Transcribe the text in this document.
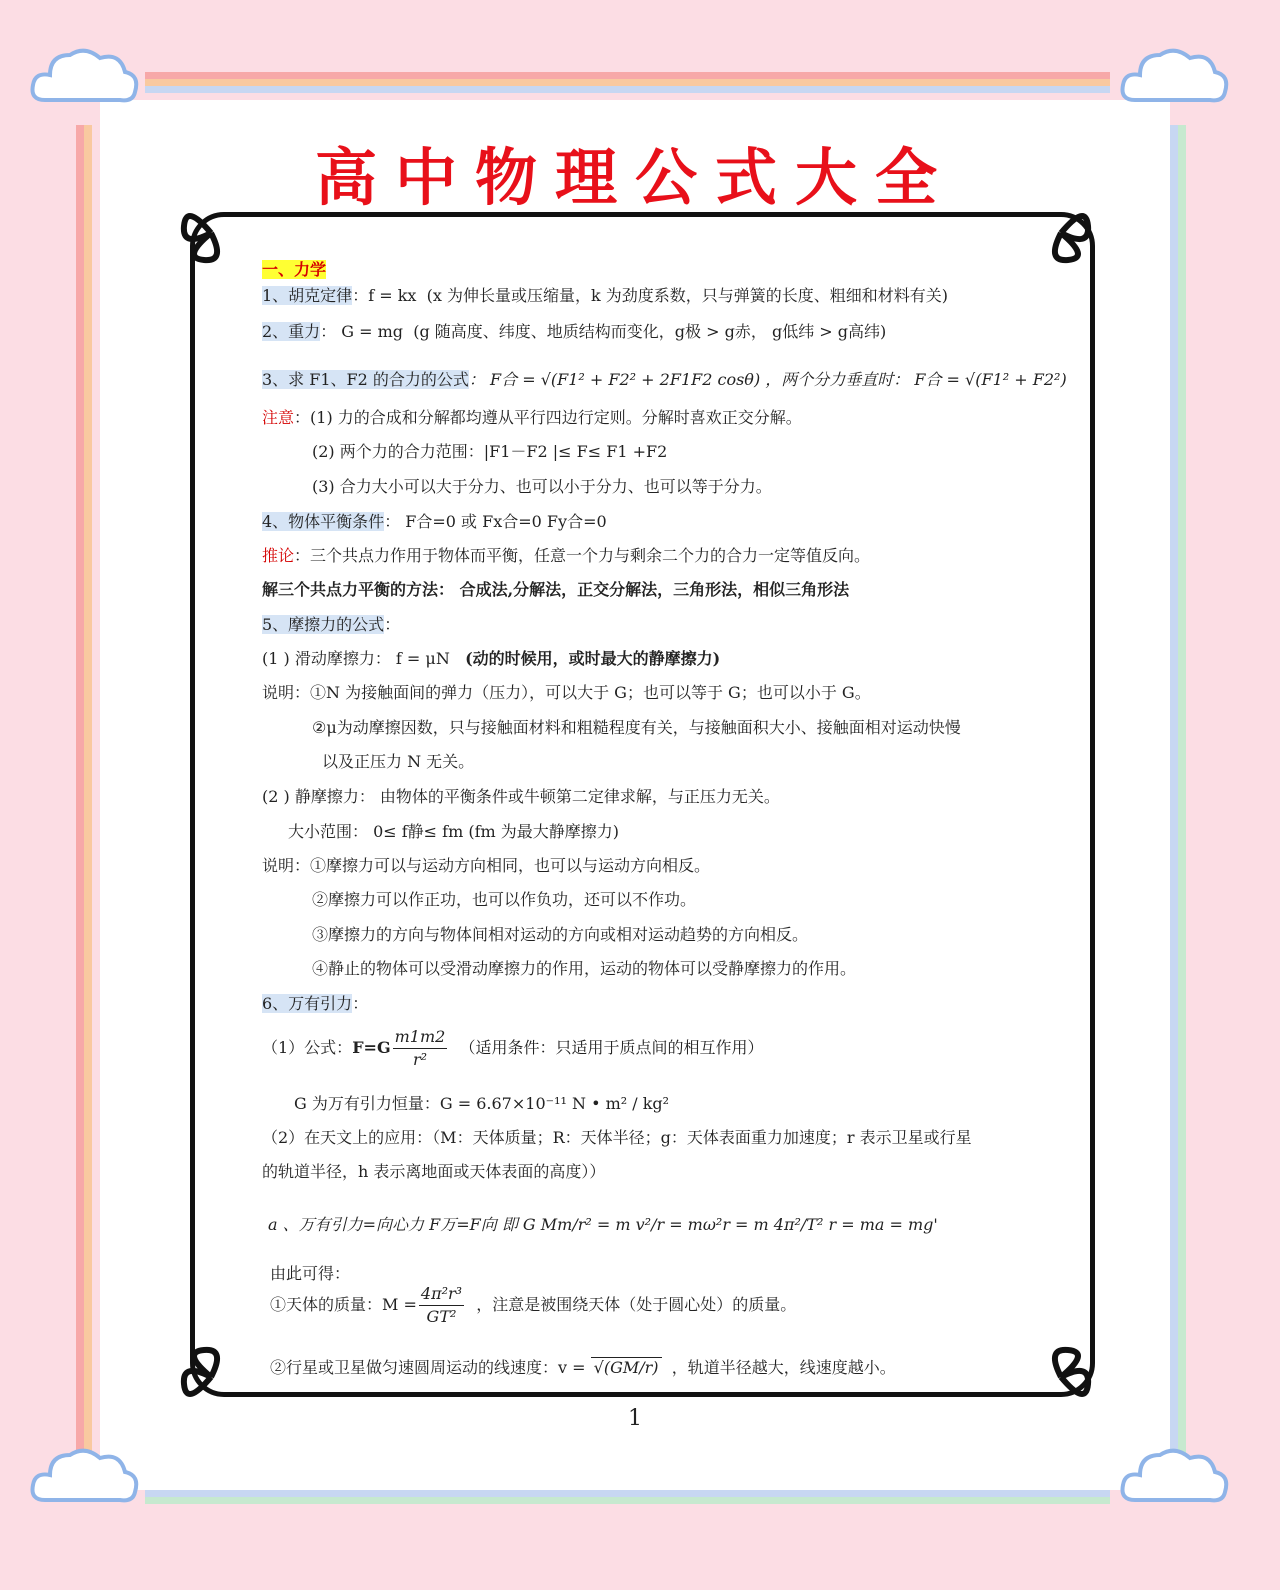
高中物理公式大全
一、力学
1、胡克定律：f = kx (x 为伸长量或压缩量，k 为劲度系数，只与弹簧的长度、粗细和材料有关)
2、重力： G = mg (g 随高度、纬度、地质结构而变化，g极 > g赤， g低纬 > g高纬)
3、求 F1、F2 的合力的公式： F合 = √(F1² + F2² + 2F1F2 cosθ) ，两个分力垂直时： F合 = √(F1² + F2²)
注意：(1) 力的合成和分解都均遵从平行四边行定则。分解时喜欢正交分解。
(2) 两个力的合力范围：|F1－F2 |≤ F≤ F1 +F2
(3) 合力大小可以大于分力、也可以小于分力、也可以等于分力。
4、物体平衡条件： F合=0 或 Fx合=0 Fy合=0
推论：三个共点力作用于物体而平衡，任意一个力与剩余二个力的合力一定等值反向。
解三个共点力平衡的方法： 合成法,分解法，正交分解法，三角形法，相似三角形法
5、摩擦力的公式：
(1 ) 滑动摩擦力： f = μN (动的时候用，或时最大的静摩擦力)
说明：①N 为接触面间的弹力（压力），可以大于 G；也可以等于 G；也可以小于 G。
②μ为动摩擦因数，只与接触面材料和粗糙程度有关，与接触面积大小、接触面相对运动快慢
以及正压力 N 无关。
(2 ) 静摩擦力： 由物体的平衡条件或牛顿第二定律求解，与正压力无关。
大小范围： 0≤ f静≤ fm (fm 为最大静摩擦力)
说明：①摩擦力可以与运动方向相同，也可以与运动方向相反。
②摩擦力可以作正功，也可以作负功，还可以不作功。
③摩擦力的方向与物体间相对运动的方向或相对运动趋势的方向相反。
④静止的物体可以受滑动摩擦力的作用，运动的物体可以受静摩擦力的作用。
6、万有引力：
（1）公式：$F=G \frac{m1m2}{\text{r²}}$ （适用条件：只适用于质点间的相互作用）
G 为万有引力恒量：G = 6.67×10⁻¹¹ N • m² / kg²
（2）在天文上的应用：（M：天体质量；R：天体半径；g：天体表面重力加速度；r 表示卫星或行星
的轨道半径，h 表示离地面或天体表面的高度））
a 、万有引力=向心力 F万=F向 即 G Mm/r² = m v²/r = mω²r = m 4π²/T² r = ma = mg'
由此可得：
①天体的质量：$M = \frac{\text{4π²r³}}{\text{GT²}}$ ，注意是被围绕天体（处于圆心处）的质量。
②行星或卫星做匀速圆周运动的线速度：v = √(GM/r) ，轨道半径越大，线速度越小。
1
